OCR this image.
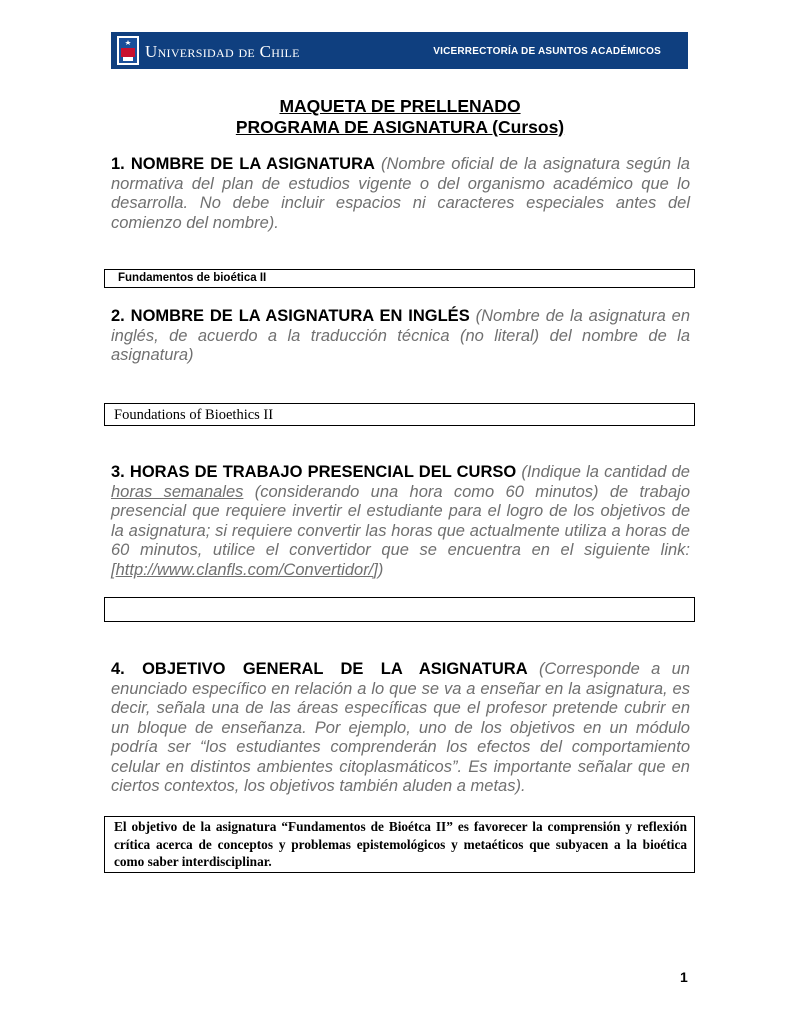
Universidad de Chile	VICERRECTORÍA DE ASUNTOS ACADÉMICOS
MAQUETA DE PRELLENADO
PROGRAMA DE ASIGNATURA (Cursos)
1. NOMBRE DE LA ASIGNATURA (Nombre oficial de la asignatura según la normativa del plan de estudios vigente o del organismo académico que lo desarrolla. No debe incluir espacios ni caracteres especiales antes del comienzo del nombre).
Fundamentos de bioética II
2. NOMBRE DE LA ASIGNATURA EN INGLÉS (Nombre de la asignatura en inglés, de acuerdo a la traducción técnica (no literal) del nombre de la asignatura)
Foundations of Bioethics II
3. HORAS DE TRABAJO PRESENCIAL DEL CURSO (Indique la cantidad de horas semanales (considerando una hora como 60 minutos) de trabajo presencial que requiere invertir el estudiante para el logro de los objetivos de la asignatura; si requiere convertir las horas que actualmente utiliza a horas de 60 minutos, utilice el convertidor que se encuentra en el siguiente link: [http://www.clanfls.com/Convertidor/])
4. OBJETIVO GENERAL DE LA ASIGNATURA (Corresponde a un enunciado específico en relación a lo que se va a enseñar en la asignatura, es decir, señala una de las áreas específicas que el profesor pretende cubrir en un bloque de enseñanza. Por ejemplo, uno de los objetivos en un módulo podría ser “los estudiantes comprenderán los efectos del comportamiento celular en distintos ambientes citoplasmáticos”. Es importante señalar que en ciertos contextos, los objetivos también aluden a metas).
El objetivo de la asignatura “Fundamentos de Bioétca II” es favorecer la comprensión y reflexión crítica acerca de conceptos y problemas epistemológicos y metaéticos que subyacen a la bioética como saber interdisciplinar.
1
